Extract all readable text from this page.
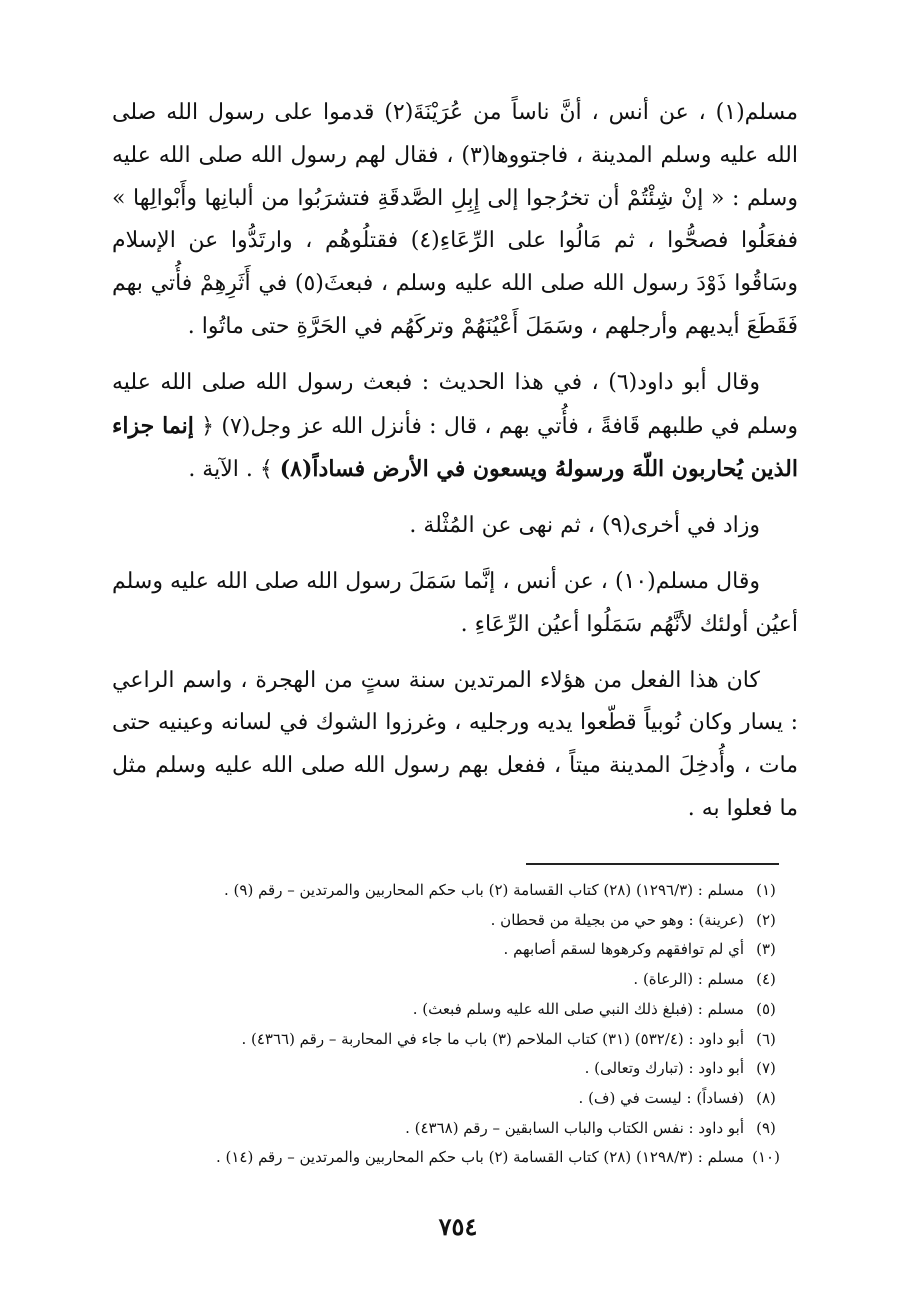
مسلم(١) ، عن أنس ، أنَّ ناساً من عُرَيْنَةَ(٢) قدموا على رسول الله صلى الله عليه وسلم المدينة ، فاجتووها(٣) ، فقال لهم رسول الله صلى الله عليه وسلم : « إنْ شِئْتُمْ أن تخرُجوا إلى إِبِلِ الصَّدقَةِ فتشرَبُوا من ألبانِها وأَبْوالِها » ففعَلُوا فصحُّوا ، ثم مَالُوا على الرِّعَاءِ(٤) فقتلُوهُم ، وارتَدُّوا عن الإسلام وسَاقُوا ذَوْدَ رسول الله صلى الله عليه وسلم ، فبعثَ(٥) في أَثَرِهِمْ فأُتي بهم فَقَطَعَ أيديهم وأرجلهم ، وسَمَلَ أَعْيُنَهُمْ وتركَهُم في الحَرَّةِ حتى ماتُوا .

وقال أبو داود(٦) ، في هذا الحديث : فبعث رسول الله صلى الله عليه وسلم في طلبهم قَافةً ، فأُتي بهم ، قال : فأنزل الله عز وجل(٧) ﴿ إنما جزاء الذين يُحاربون اللّهَ ورسولهُ ويسعون في الأرض فساداً(٨) ﴾ . الآية .

وزاد في أخرى(٩) ، ثم نهى عن المُثْلة .

وقال مسلم(١٠) ، عن أنس ، إنَّما سَمَلَ رسول الله صلى الله عليه وسلم أعيُن أولئك لأنَّهُم سَمَلُوا أعيُن الرِّعَاءِ .

كان هذا الفعل من هؤلاء المرتدين سنة ستٍ من الهجرة ، واسم الراعي : يسار وكان نُوبياً قطّعوا يديه ورجليه ، وغرزوا الشوك في لسانه وعينيه حتى مات ، وأُدخِلَ المدينة ميتاً ، ففعل بهم رسول الله صلى الله عليه وسلم مثل ما فعلوا به .

(١)
مسلم : (١٢٩٦/٣) (٢٨) كتاب القسامة (٢) باب حكم المحاربين والمرتدين – رقم (٩) .
(٢)
(عرينة) : وهو حي من بجيلة من قحطان .
(٣)
أي لم توافقهم وكرهوها لسقم أصابهم .
(٤)
مسلم : (الرعاة) .
(٥)
مسلم : (فبلغ ذلك النبي صلى الله عليه وسلم فبعث) .
(٦)
أبو داود : (٥٣٢/٤) (٣١) كتاب الملاحم (٣) باب ما جاء في المحاربة – رقم (٤٣٦٦) .
(٧)
أبو داود : (تبارك وتعالى) .
(٨)
(فساداً) : ليست في (ف) .
(٩)
أبو داود : نفس الكتاب والباب السابقين – رقم (٤٣٦٨) .
(١٠)
مسلم : (١٢٩٨/٣) (٢٨) كتاب القسامة (٢) باب حكم المحاربين والمرتدين – رقم (١٤) .
٧٥٤
